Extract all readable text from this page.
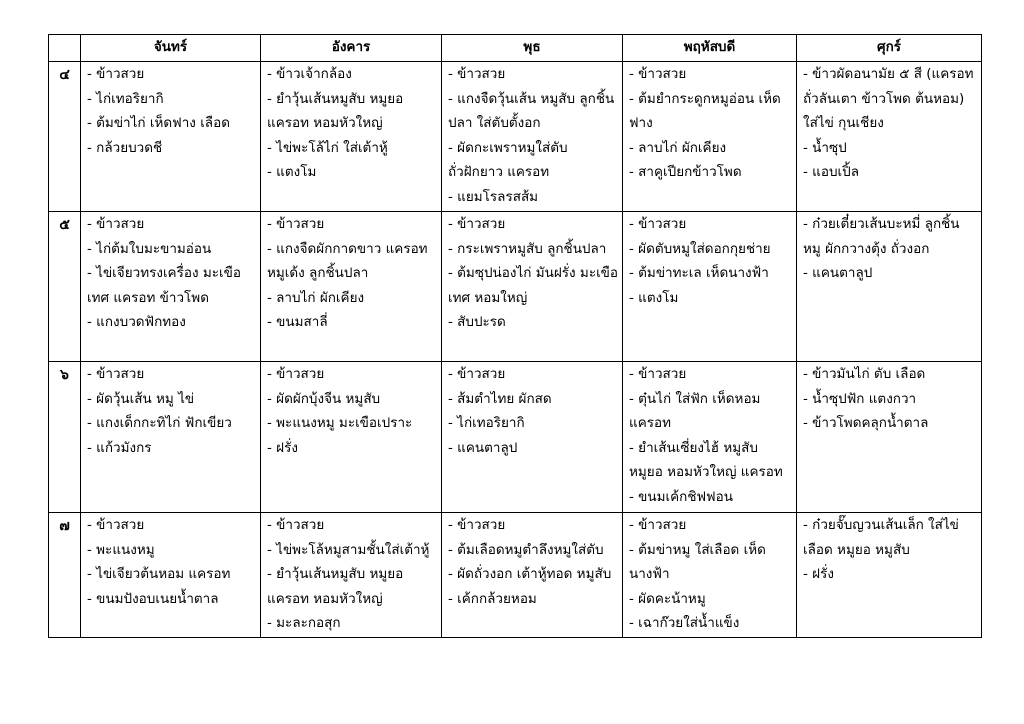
	จันทร์	อังคาร	พุธ	พฤหัสบดี	ศุกร์
๔	- ข้าวสวย
- ไก่เทอริยากิ
- ต้มข่าไก่ เห็ดฟาง เลือด
- กล้วยบวดชี	- ข้าวเจ้ากล้อง
- ยำวุ้นเส้นหมูสับ หมูยอ แครอท หอมหัวใหญ่
- ไข่พะโล้ไก่ ใส่เต้าหู้
- แตงโม	- ข้าวสวย
- แกงจืดวุ้นเส้น หมูสับ ลูกชิ้นปลา ใส่ตับตั้งอก
- ผัดกะเพราหมูใส่ตับ ถั่วฝักยาว แครอท
- แยมโรลรสส้ม	- ข้าวสวย
- ต้มยำกระดูกหมูอ่อน เห็ดฟาง
- ลาบไก่ ผักเคียง
- สาคูเปียกข้าวโพด	- ข้าวผัดอนามัย ๕ สี (แครอท ถั่วลันเตา ข้าวโพด ต้นหอม) ใส่ไข่ กุนเชียง
- น้ำซุป
- แอบเปิ้ล

๕	- ข้าวสวย
- ไก่ต้มใบมะขามอ่อน
- ไข่เจียวทรงเครื่อง มะเขือเทศ แครอท ข้าวโพด
- แกงบวดฟักทอง	- ข้าวสวย
- แกงจืดผักกาดขาว แครอท หมูเด้ง ลูกชิ้นปลา
- ลาบไก่ ผักเคียง
- ขนมสาลี่	- ข้าวสวย
- กระเพราหมูสับ ลูกชิ้นปลา
- ต้มซุปน่องไก่ มันฝรั่ง มะเขือเทศ หอมใหญ่
- สับปะรด	- ข้าวสวย
- ผัดตับหมูใส่ดอกกุยช่าย
- ต้มข่าทะเล เห็ดนางฟ้า
- แตงโม	- ก๋วยเตี๋ยวเส้นบะหมี่ ลูกชิ้นหมู ผักกวางตุ้ง ถั่วงอก
- แคนตาลูป

๖	- ข้าวสวย
- ผัดวุ้นเส้น หมู ไข่
- แกงเด็กกะทิไก่ ฟักเขียว
- แก้วมังกร	- ข้าวสวย
- ผัดผักบุ้งจีน หมูสับ
- พะแนงหมู มะเขือเปราะ
- ฝรั่ง	- ข้าวสวย
- ส้มตำไทย ผักสด
- ไก่เทอริยากิ
- แคนตาลูป	- ข้าวสวย
- ตุ๋นไก่ ใส่ฟัก เห็ดหอม แครอท
- ยำเส้นเซี่ยงไฮ้ หมูสับ หมูยอ หอมหัวใหญ่ แครอท
- ขนมเค้กชิฟฟอน	- ข้าวมันไก่ ตับ เลือด
- น้ำซุปฟัก แตงกวา
- ข้าวโพดคลุกน้ำตาล

๗	- ข้าวสวย
- พะแนงหมู
- ไข่เจียวต้นหอม แครอท
- ขนมปังอบเนยน้ำตาล	- ข้าวสวย
- ไข่พะโล้หมูสามชั้นใส่เต้าหู้
- ยำวุ้นเส้นหมูสับ หมูยอ แครอท หอมหัวใหญ่
- มะละกอสุก	- ข้าวสวย
- ต้มเลือดหมูตำลึงหมูใส่ตับ
- ผัดถั่วงอก เต้าหู้ทอด หมูสับ
- เค้กกล้วยหอม	- ข้าวสวย
- ต้มข่าหมู ใส่เลือด เห็ดนางฟ้า
- ผัดคะน้าหมู
- เฉาก๊วยใส่น้ำแข็ง	- ก๋วยจั๊บญวนเส้นเล็ก ใส่ไข่ เลือด หมูยอ หมูสับ
- ฝรั่ง
